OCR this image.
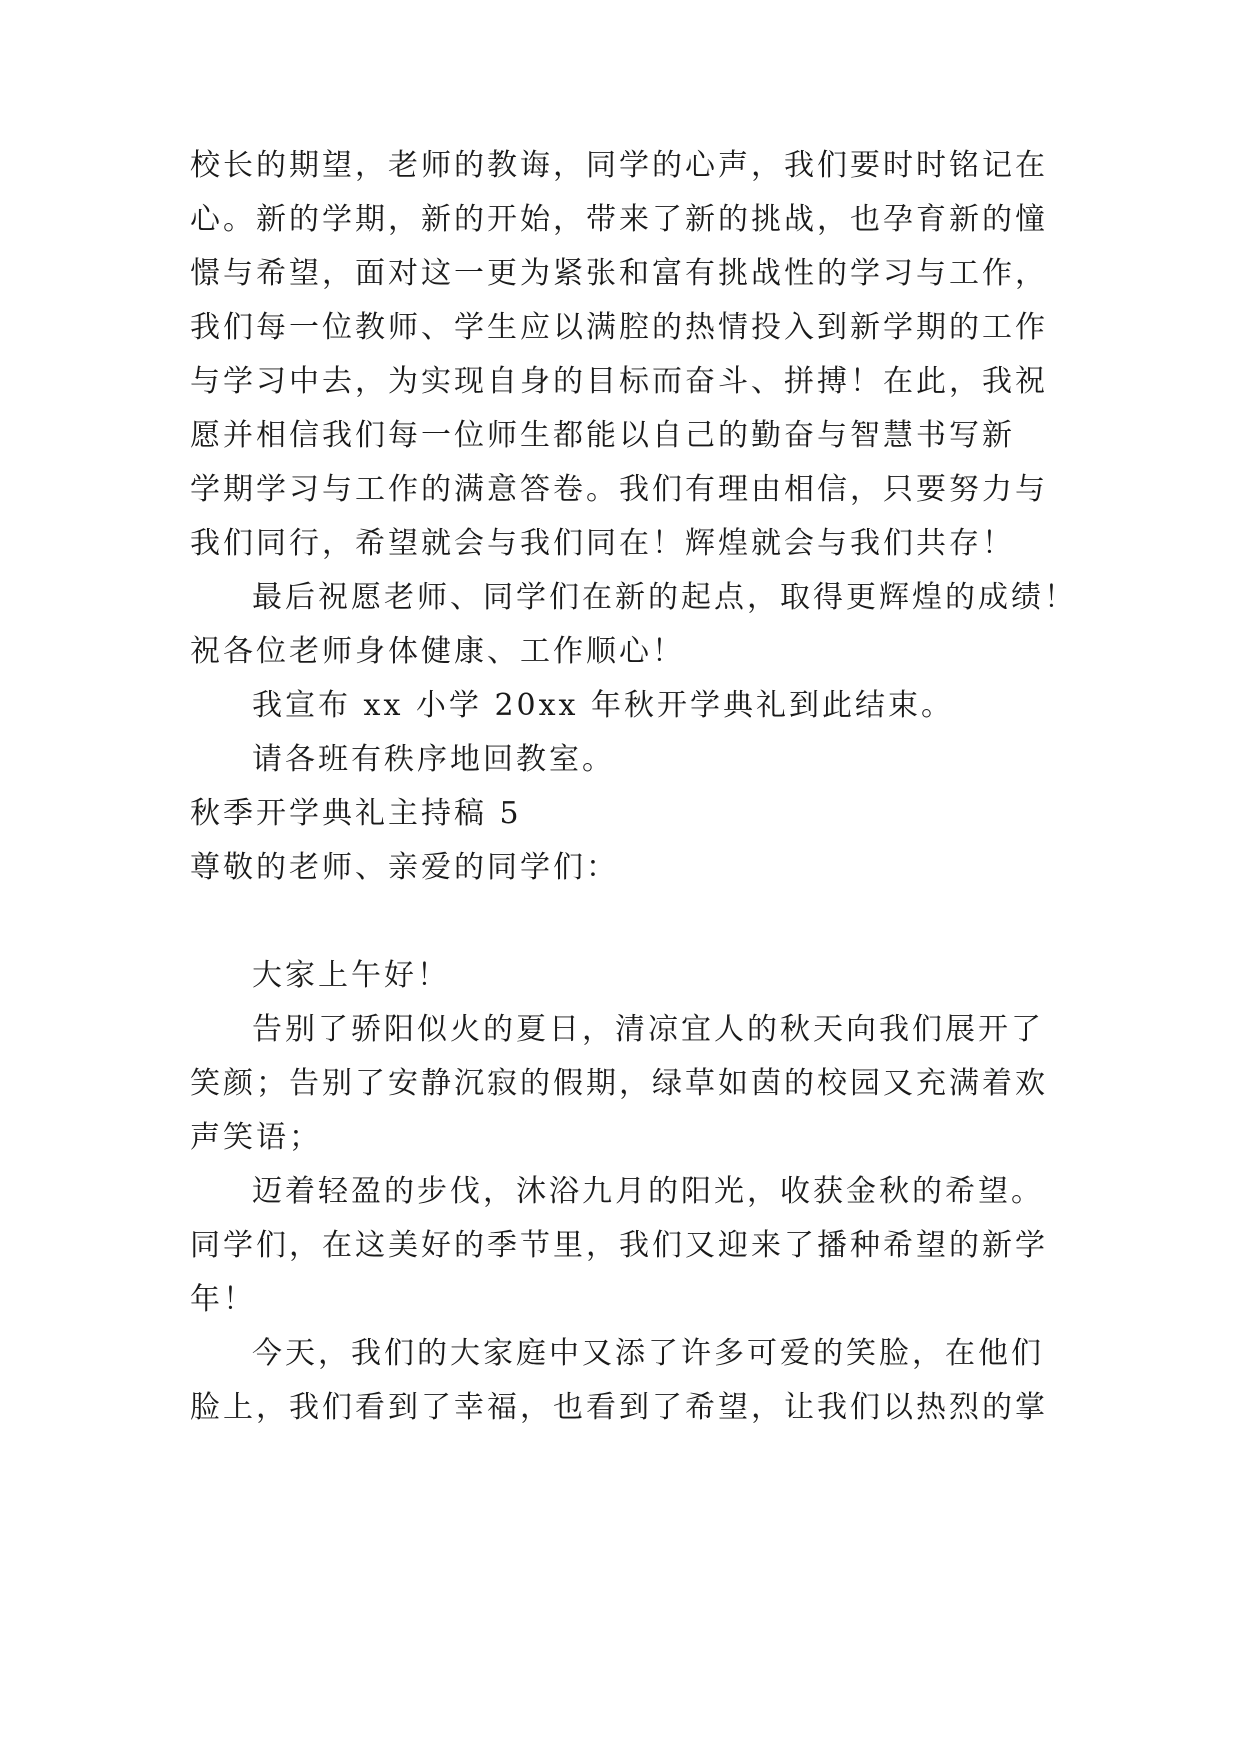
校长的期望，老师的教诲，同学的心声，我们要时时铭记在
心。新的学期，新的开始，带来了新的挑战，也孕育新的憧
憬与希望，面对这一更为紧张和富有挑战性的学习与工作，
我们每一位教师、学生应以满腔的热情投入到新学期的工作
与学习中去，为实现自身的目标而奋斗、拼搏！在此，我祝
愿并相信我们每一位师生都能以自己的勤奋与智慧书写新
学期学习与工作的满意答卷。我们有理由相信，只要努力与
我们同行，希望就会与我们同在！辉煌就会与我们共存！
最后祝愿老师、同学们在新的起点，取得更辉煌的成绩！
祝各位老师身体健康、工作顺心！
我宣布 xx 小学 20xx 年秋开学典礼到此结束。
请各班有秩序地回教室。
秋季开学典礼主持稿 5
尊敬的老师、亲爱的同学们：
大家上午好！
告别了骄阳似火的夏日，清凉宜人的秋天向我们展开了
笑颜；告别了安静沉寂的假期，绿草如茵的校园又充满着欢
声笑语；
迈着轻盈的步伐，沐浴九月的阳光，收获金秋的希望。
同学们，在这美好的季节里，我们又迎来了播种希望的新学
年！
今天，我们的大家庭中又添了许多可爱的笑脸，在他们
脸上，我们看到了幸福，也看到了希望，让我们以热烈的掌
